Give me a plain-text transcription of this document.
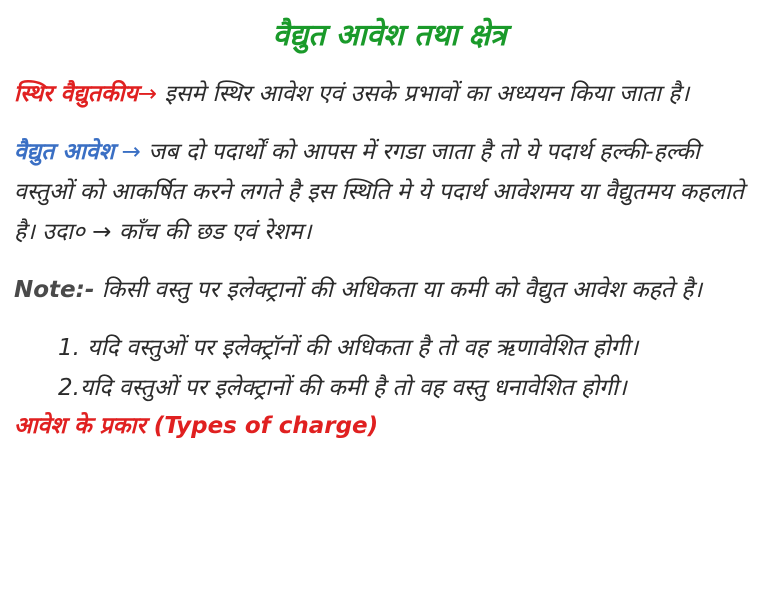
वैद्युत आवेश तथा क्षेत्र

स्थिर वैद्युतकीय→ इसमे स्थिर आवेश एवं उसके प्रभावों का अध्ययन किया जाता है।

वैद्युत आवेश → जब दो पदार्थों को आपस में रगडा जाता है तो ये पदार्थ हल्की-हल्की वस्तुओं को आकर्षित करने लगते है इस स्थिति मे ये पदार्थ आवेशमय या वैद्युतमय कहलाते है। उदा० → काँच की छड एवं रेशम।

Note:- किसी वस्तु पर इलेक्ट्रानों की अधिकता या कमी को वैद्युत आवेश कहते है।

1. यदि वस्तुओं पर इलेक्ट्रॉनों की अधिकता है तो वह ऋणावेशित होगी।
2.यदि वस्तुओं पर इलेक्ट्रानों की कमी है तो वह वस्तु धनावेशित होगी।
आवेश के प्रकार (Types of charge)
